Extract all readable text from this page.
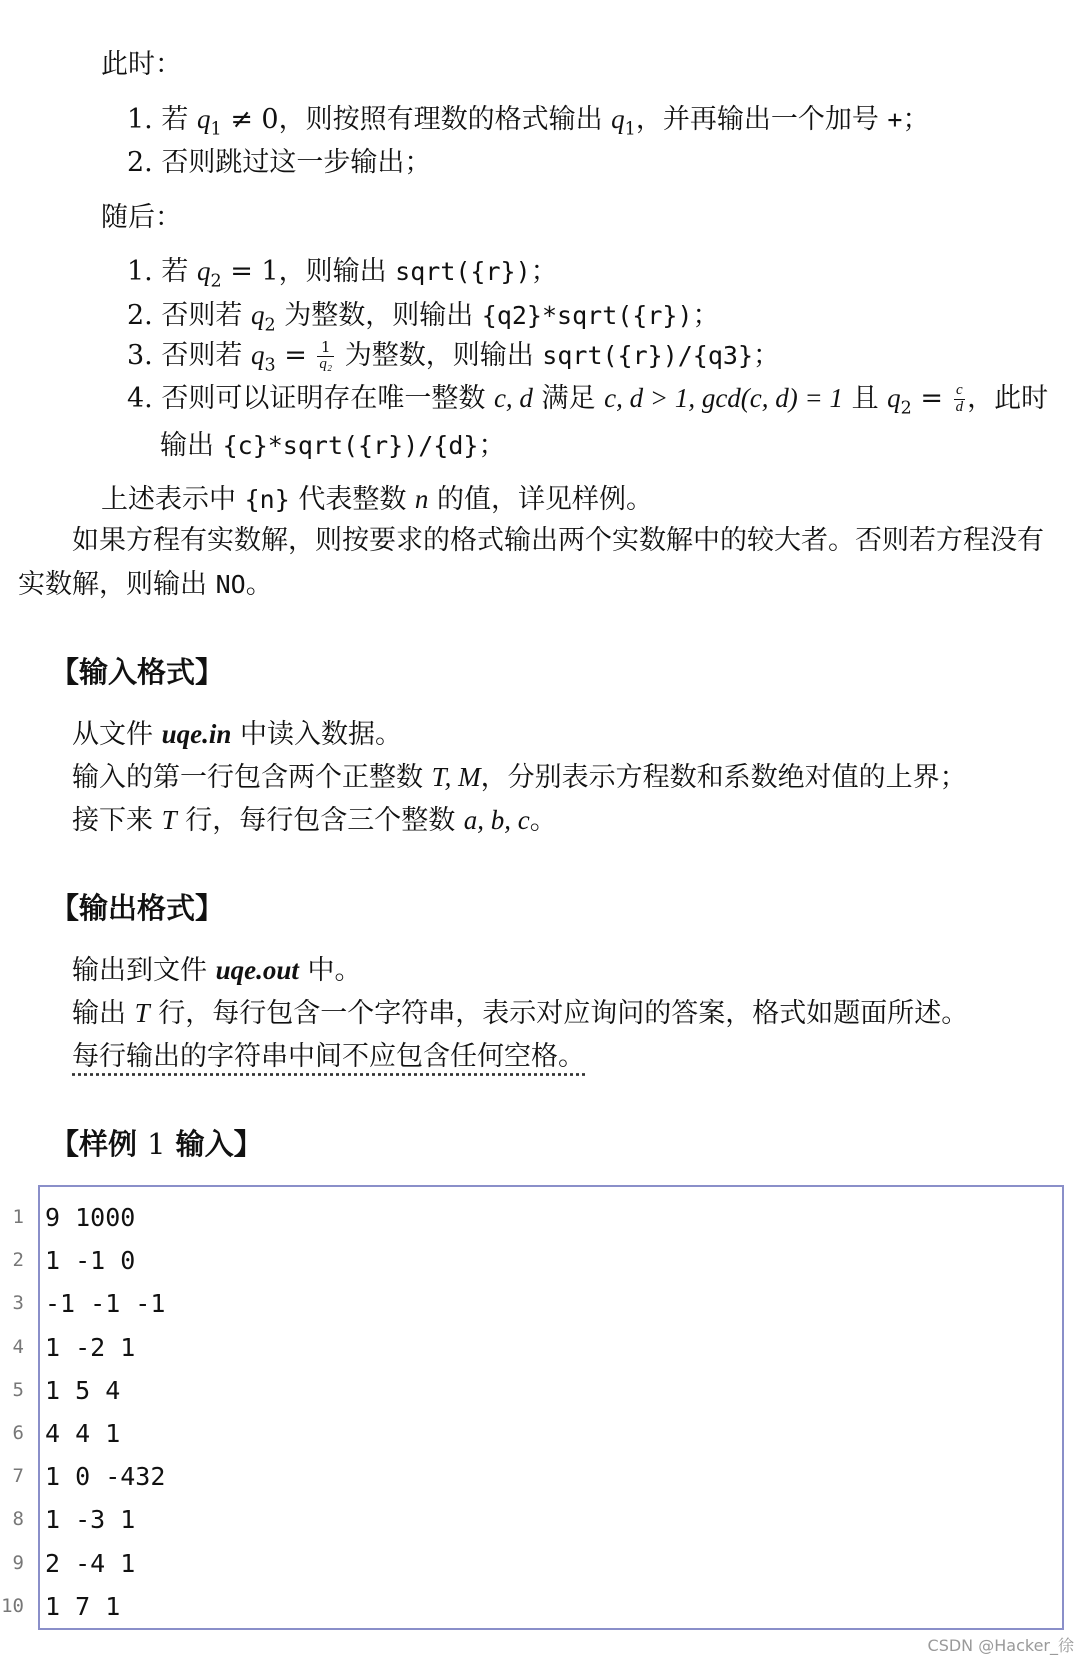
此时：
1. 若 $q_1 \ne 0$，则按照有理数的格式输出 $q_1$，并再输出一个加号 +；
2. 否则跳过这一步输出；
随后：
1. 若 $q_2 = 1$，则输出 sqrt({r})；
2. 否则若 $q_2$ 为整数，则输出 {q2}*sqrt({r})；
3. 否则若 $q_3 = \frac{1}{\text{q₂}}$ 为整数，则输出 sqrt({r})/{q3}；
4. 否则可以证明存在唯一整数 c, d 满足 c, d > 1, gcd(c, d) = 1 且 $q_2 = \frac{c}{d}$ ，此时
输出 {c}*sqrt({r})/{d}；
上述表示中 {n} 代表整数 n 的值，详见样例。
如果方程有实数解，则按要求的格式输出两个实数解中的较大者。否则若方程没有
实数解，则输出 NO。
【输入格式】
从文件 uqe.in 中读入数据。
输入的第一行包含两个正整数 T, M，分别表示方程数和系数绝对值的上界；
接下来 T 行，每行包含三个整数 a, b, c。
【输出格式】
输出到文件 uqe.out 中。
输出 T 行，每行包含一个字符串，表示对应询问的答案，格式如题面所述。
每行输出的字符串中间不应包含任何空格。
【样例 1 输入】
1 9 1000
2 1 -1 0
3 -1 -1 -1
4 1 -2 1
5 1 5 4
6 4 4 1
7 1 0 -432
8 1 -3 1
9 2 -4 1
10 1 7 1
CSDN @Hacker_徐
